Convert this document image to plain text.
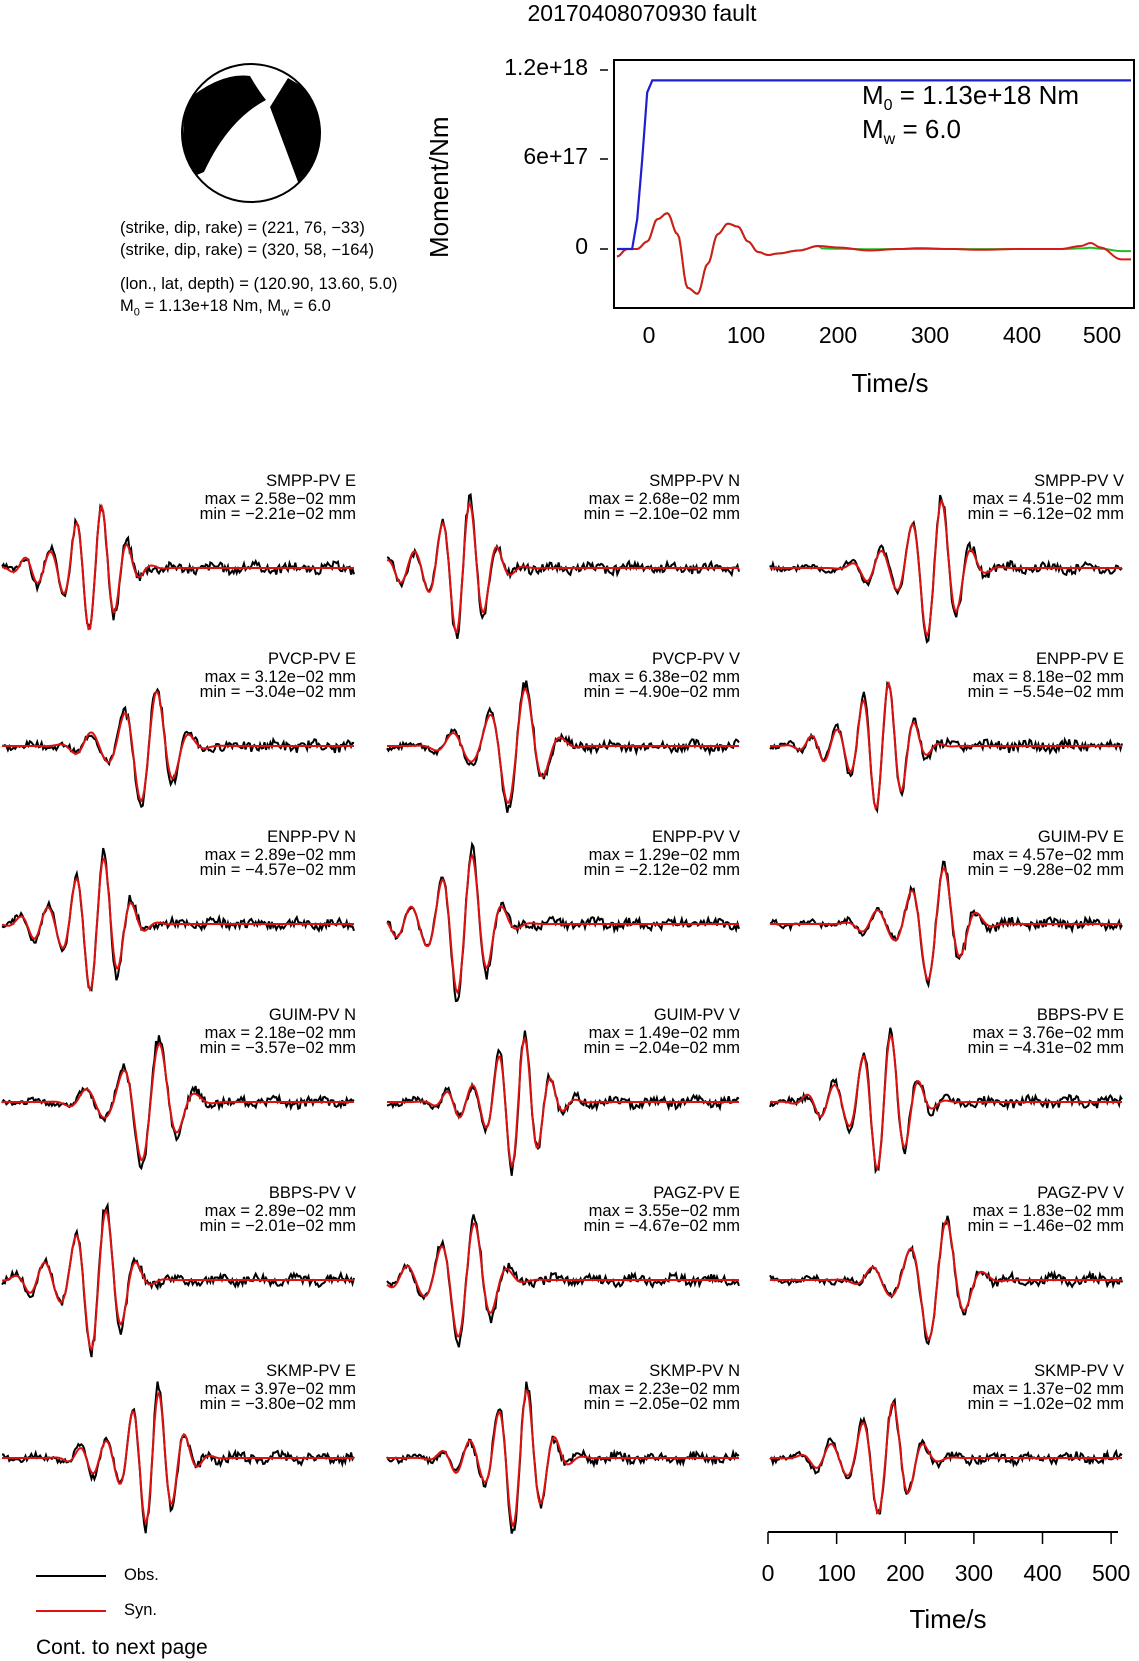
20170408070930 fault
(strike, dip, rake) = (221, 76, −33)
(strike, dip, rake) = (320, 58, −164)
(lon., lat, depth) = (120.90, 13.60, 5.0)
$M_0 = 1.13e+18$ Nm, $M_w = 6.0$
Moment/Nm
1.2e+18
6e+17
0
$M_0 = 1.13e+18$ Nm
$M_w = 6.0$
0	100	200	300	400	500
Time/s
SMPP-PV E
max = 2.58e−02 mm
min = −2.21e−02 mm
SMPP-PV N
max = 2.68e−02 mm
min = −2.10e−02 mm
SMPP-PV V
max = 4.51e−02 mm
min = −6.12e−02 mm
PVCP-PV E
max = 3.12e−02 mm
min = −3.04e−02 mm
PVCP-PV V
max = 6.38e−02 mm
min = −4.90e−02 mm
ENPP-PV E
max = 8.18e−02 mm
min = −5.54e−02 mm
ENPP-PV N
max = 2.89e−02 mm
min = −4.57e−02 mm
ENPP-PV V
max = 1.29e−02 mm
min = −2.12e−02 mm
GUIM-PV E
max = 4.57e−02 mm
min = −9.28e−02 mm
GUIM-PV N
max = 2.18e−02 mm
min = −3.57e−02 mm
GUIM-PV V
max = 1.49e−02 mm
min = −2.04e−02 mm
BBPS-PV E
max = 3.76e−02 mm
min = −4.31e−02 mm
BBPS-PV V
max = 2.89e−02 mm
min = −2.01e−02 mm
PAGZ-PV E
max = 3.55e−02 mm
min = −4.67e−02 mm
PAGZ-PV V
max = 1.83e−02 mm
min = −1.46e−02 mm
SKMP-PV E
max = 3.97e−02 mm
min = −3.80e−02 mm
SKMP-PV N
max = 2.23e−02 mm
min = −2.05e−02 mm
SKMP-PV V
max = 1.37e−02 mm
min = −1.02e−02 mm
0	100	200	300	400	500
Time/s
Obs.
Syn.
Cont. to next page
